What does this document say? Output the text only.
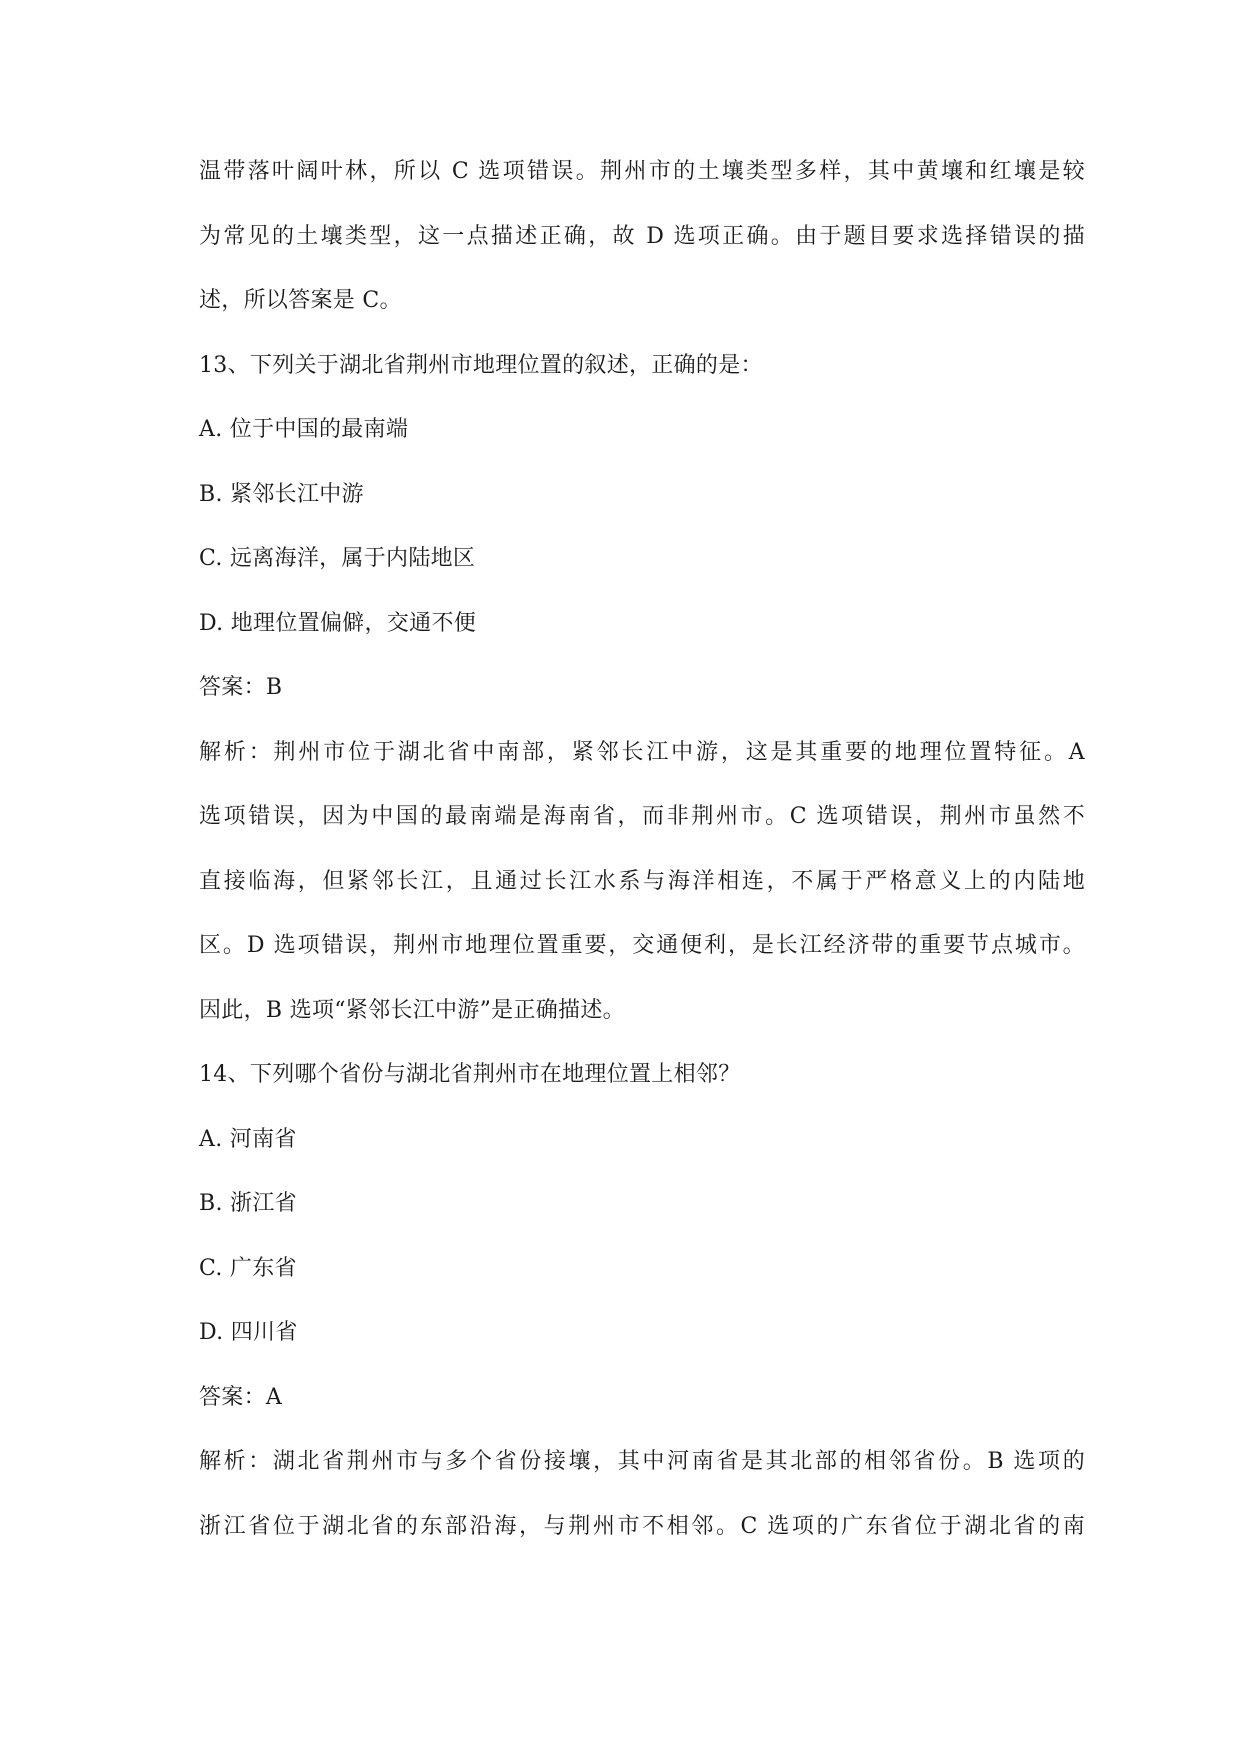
温带落叶阔叶林，所以 C 选项错误。荆州市的土壤类型多样，其中黄壤和红壤是较
为常见的土壤类型，这一点描述正确，故 D 选项正确。由于题目要求选择错误的描
述，所以答案是 C。
13、下列关于湖北省荆州市地理位置的叙述，正确的是：
A. 位于中国的最南端
B. 紧邻长江中游
C. 远离海洋，属于内陆地区
D. 地理位置偏僻，交通不便
答案：B
解析：荆州市位于湖北省中南部，紧邻长江中游，这是其重要的地理位置特征。A
选项错误，因为中国的最南端是海南省，而非荆州市。C 选项错误，荆州市虽然不
直接临海，但紧邻长江，且通过长江水系与海洋相连，不属于严格意义上的内陆地
区。D 选项错误，荆州市地理位置重要，交通便利，是长江经济带的重要节点城市。
因此，B 选项“紧邻长江中游”是正确描述。
14、下列哪个省份与湖北省荆州市在地理位置上相邻？
A. 河南省
B. 浙江省
C. 广东省
D. 四川省
答案：A
解析：湖北省荆州市与多个省份接壤，其中河南省是其北部的相邻省份。B 选项的
浙江省位于湖北省的东部沿海，与荆州市不相邻。C 选项的广东省位于湖北省的南
